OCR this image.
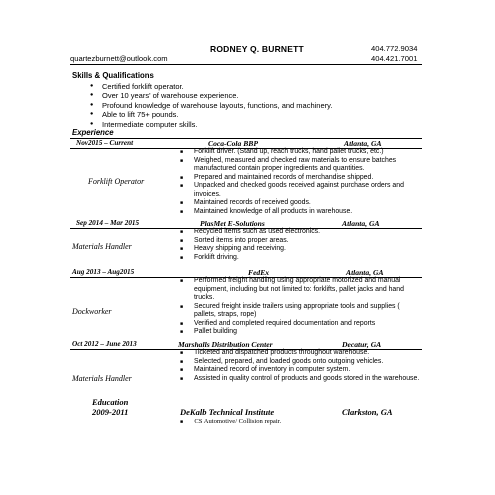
RODNEY Q. BURNETT	404.772.9034
quartezburnett@outlook.com	404.421.7001
Skills & Qualifications
● Certified forklift operator.
● Over 10 years' of warehouse experience.
● Profound knowledge of warehouse layouts, functions, and machinery.
● Able to lift 75+ pounds.
● Intermediate computer skills.
Experience
Nov2015 – Current	Coca-Cola BBP	Atlanta, GA
Forklift Operator
■ Forklift driver. (Stand up, reach trucks, hand pallet trucks, etc.)
■ Weighed, measured and checked raw materials to ensure batches manufactured contain proper ingredients and quantities.
■ Prepared and maintained records of merchandise shipped.
■ Unpacked and checked goods received against purchase orders and invoices.
■ Maintained records of received goods.
■ Maintained knowledge of all products in warehouse.
Sep 2014 – Mar 2015	PlasMet E-Solutions	Atlanta, GA
Materials Handler
■ Recycled items such as used electronics.
■ Sorted items into proper areas.
■ Heavy shipping and receiving.
■ Forklift driving.
Aug 2013 – Aug2015	FedEx	Atlanta, GA
Dockworker
■ Performed freight handling using appropriate motorized and manual equipment, including but not limited to: forklifts, pallet jacks and hand trucks.
■ Secured freight inside trailers using appropriate tools and supplies ( pallets, straps, rope)
■ Verified and completed required documentation and reports
■ Pallet building
Oct 2012 – June 2013	Marshalls Distribution Center	Decatur, GA
Materials Handler
■ Ticketed and dispatched products throughout warehouse.
■ Selected, prepared, and loaded goods onto outgoing vehicles.
■ Maintained record of inventory in computer system.
■ Assisted in quality control of products and goods stored in the warehouse.
Education
2009-2011	DeKalb Technical Institute	Clarkston, GA
■ CS Automotive/ Collision repair.
